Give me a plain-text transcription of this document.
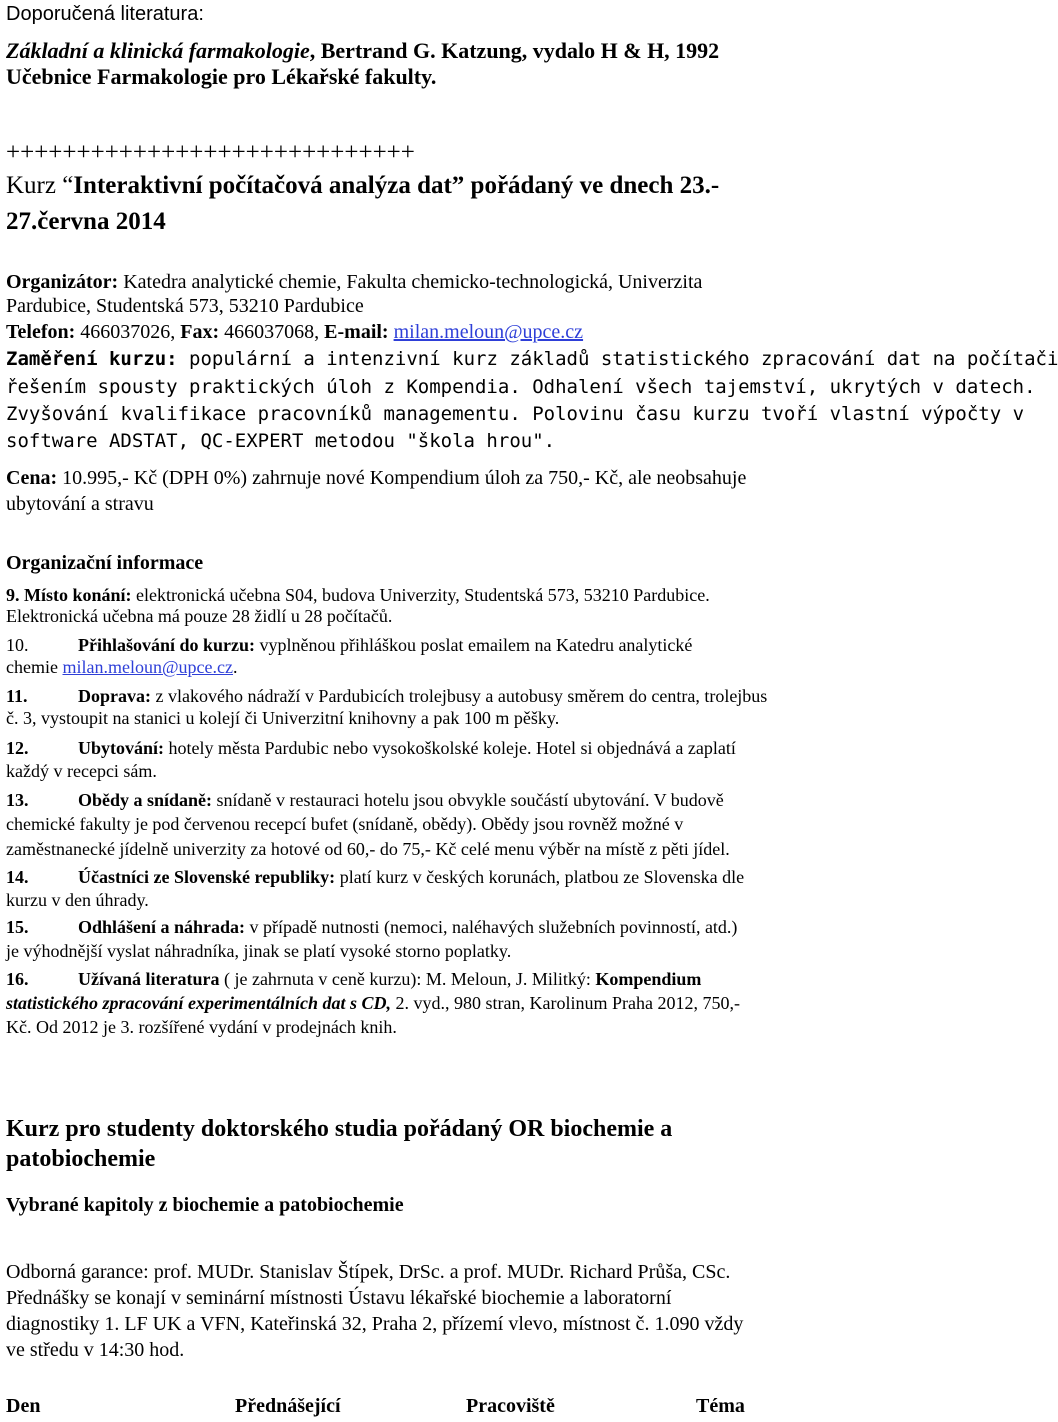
Doporučená literatura:
Základní a klinická farmakologie, Bertrand G. Katzung, vydalo H & H, 1992
Učebnice Farmakologie pro Lékařské fakulty.
+++++++++++++++++++++++++++++
Kurz “Interaktivní počítačová analýza dat” pořádaný ve dnech 23.-
27.června 2014
Organizátor: Katedra analytické chemie, Fakulta chemicko-technologická, Univerzita
Pardubice, Studentská 573, 53210 Pardubice
Telefon: 466037026, Fax: 466037068, E-mail: milan.meloun@upce.cz
Zaměření kurzu: populární a intenzivní kurz základů statistického zpracování dat na počítači
řešením spousty praktických úloh z Kompendia. Odhalení všech tajemství, ukrytých v datech.
Zvyšování kvalifikace pracovníků managementu. Polovinu času kurzu tvoří vlastní výpočty v
software ADSTAT, QC-EXPERT metodou "škola hrou".
Cena: 10.995,- Kč (DPH 0%) zahrnuje nové Kompendium úloh za 750,- Kč, ale neobsahuje
ubytování a stravu
Organizační informace
9. Místo konání: elektronická učebna S04, budova Univerzity, Studentská 573, 53210 Pardubice.
Elektronická učebna má pouze 28 židlí u 28 počítačů.
10.	Přihlašování do kurzu: vyplněnou přihláškou poslat emailem na Katedru analytické
chemie milan.meloun@upce.cz.
11.	Doprava: z vlakového nádraží v Pardubicích trolejbusy a autobusy směrem do centra, trolejbus
č. 3, vystoupit na stanici u kolejí či Univerzitní knihovny a pak 100 m pěšky.
12.	Ubytování: hotely města Pardubic nebo vysokoškolské koleje. Hotel si objednává a zaplatí
každý v recepci sám.
13.	Obědy a snídaně: snídaně v restauraci hotelu jsou obvykle součástí ubytování. V budově
chemické fakulty je pod červenou recepcí bufet (snídaně, obědy). Obědy jsou rovněž možné v
zaměstnanecké jídelně univerzity za hotové od 60,- do 75,- Kč celé menu výběr na místě z pěti jídel.
14.	Účastníci ze Slovenské republiky: platí kurz v českých korunách, platbou ze Slovenska dle
kurzu v den úhrady.
15.	Odhlášení a náhrada: v případě nutnosti (nemoci, naléhavých služebních povinností, atd.)
je výhodnější vyslat náhradníka, jinak se platí vysoké storno poplatky.
16.	Užívaná literatura ( je zahrnuta v ceně kurzu): M. Meloun, J. Militký: Kompendium
statistického zpracování experimentálních dat s CD, 2. vyd., 980 stran, Karolinum Praha 2012, 750,-
Kč. Od 2012 je 3. rozšířené vydání v prodejnách knih.
Kurz pro studenty doktorského studia pořádaný OR biochemie a
patobiochemie
Vybrané kapitoly z biochemie a patobiochemie
Odborná garance: prof. MUDr. Stanislav Štípek, DrSc. a prof. MUDr. Richard Průša, CSc.
Přednášky se konají v seminární místnosti Ústavu lékařské biochemie a laboratorní
diagnostiky 1. LF UK a VFN, Kateřinská 32, Praha 2, přízemí vlevo, místnost č. 1.090 vždy
ve středu v 14:30 hod.
Den	Přednášející	Pracoviště	Téma
